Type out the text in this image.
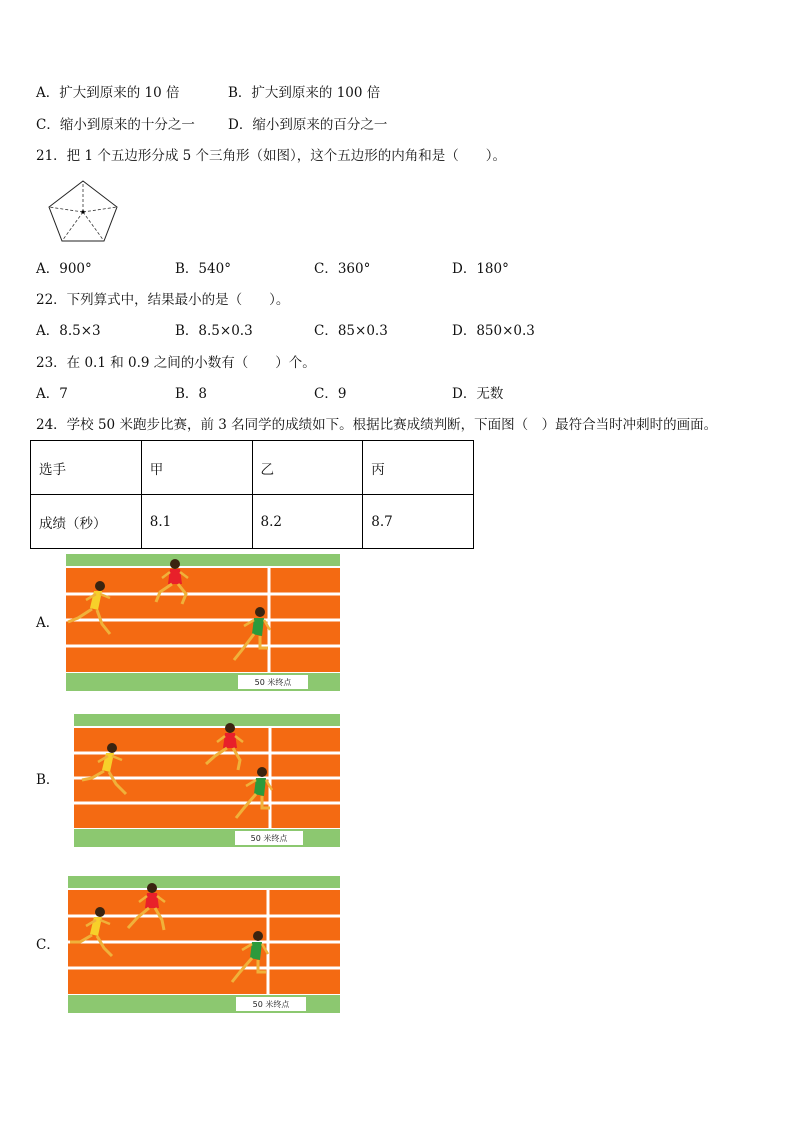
A．扩大到原来的 10 倍	B．扩大到原来的 100 倍
C．缩小到原来的十分之一 D．缩小到原来的百分之一
21．把 1 个五边形分成 5 个三角形（如图），这个五边形的内角和是（　　）。
A．900°	B．540°	C．360°	D．180°
22．下列算式中，结果最小的是（　　）。
A．8.5×3	B．8.5×0.3	C．85×0.3	D．850×0.3
23．在 0.1 和 0.9 之间的小数有（　　）个。
A．7	B．8	C．9	D．无数
24．学校 50 米跑步比赛，前 3 名同学的成绩如下。根据比赛成绩判断，下面图（　）最符合当时冲刺时的画面。
选手	甲	乙	丙
成绩（秒）	8.1	8.2	8.7
A．
50 米终点
B．
50 米终点
C．
50 米终点
